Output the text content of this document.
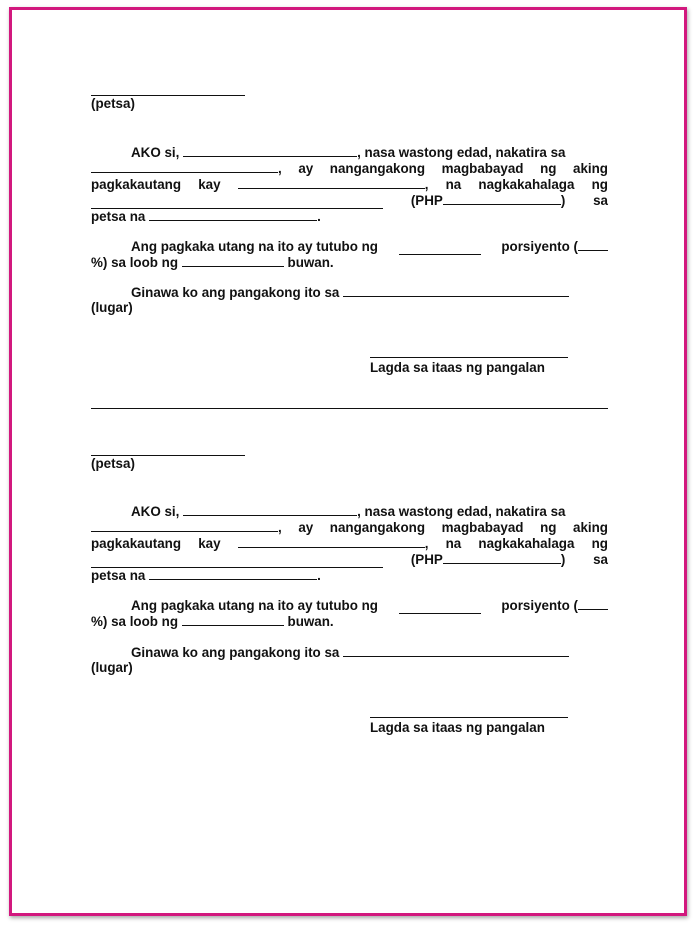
(petsa)
AKO si,	, nasa wastong edad, nakatira sa
, ay nangangakong magbabayad ng aking
pagkakautang kay	, na nagkakahalaga ng
(PHP	) sa
petsa na	.
Ang pagkaka utang na ito ay tutubo ng	porsiyento (
%) sa loob ng	buwan.
Ginawa ko ang pangakong ito sa
(lugar)
Lagda sa itaas ng pangalan
(petsa)
AKO si,	, nasa wastong edad, nakatira sa
, ay nangangakong magbabayad ng aking
pagkakautang kay	, na nagkakahalaga ng
(PHP	) sa
petsa na	.
Ang pagkaka utang na ito ay tutubo ng	porsiyento (
%) sa loob ng	buwan.
Ginawa ko ang pangakong ito sa
(lugar)
Lagda sa itaas ng pangalan
